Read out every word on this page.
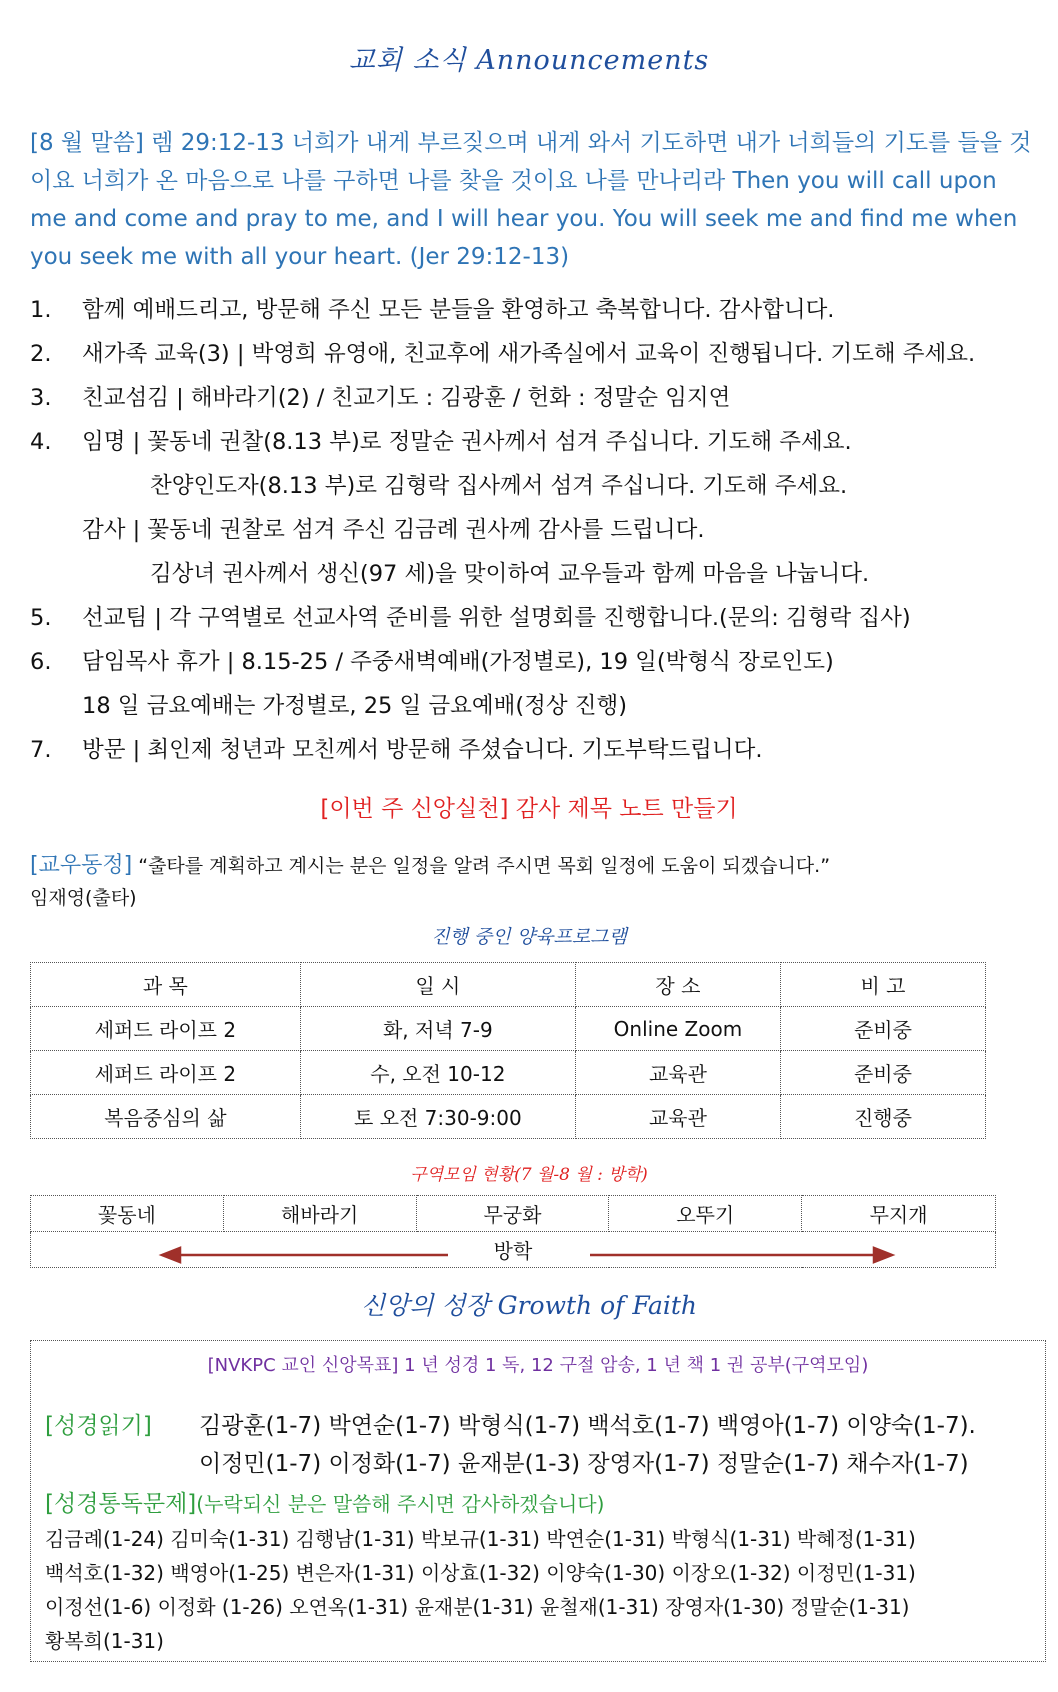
교회 소식 Announcements
[8 월 말씀] 렘 29:12-13 너희가 내게 부르짖으며 내게 와서 기도하면 내가 너희들의 기도를 들을 것이요 너희가 온 마음으로 나를 구하면 나를 찾을 것이요 나를 만나리라 Then you will call upon me and come and pray to me, and I will hear you. You will seek me and find me when you seek me with all your heart. (Jer 29:12-13)
1.	함께 예배드리고, 방문해 주신 모든 분들을 환영하고 축복합니다. 감사합니다.
2.	새가족 교육(3) | 박영희 유영애, 친교후에 새가족실에서 교육이 진행됩니다. 기도해 주세요.
3.	친교섬김 | 해바라기(2) / 친교기도 : 김광훈 / 헌화 : 정말순 임지연
4.	임명 | 꽃동네 권찰(8.13 부)로 정말순 권사께서 섬겨 주십니다. 기도해 주세요.
찬양인도자(8.13 부)로 김형락 집사께서 섬겨 주십니다. 기도해 주세요.
감사 | 꽃동네 권찰로 섬겨 주신 김금례 권사께 감사를 드립니다.
김상녀 권사께서 생신(97 세)을 맞이하여 교우들과 함께 마음을 나눕니다.
5.	선교팀 | 각 구역별로 선교사역 준비를 위한 설명회를 진행합니다.(문의: 김형락 집사)
6.	담임목사 휴가 | 8.15-25 / 주중새벽예배(가정별로), 19 일(박형식 장로인도)
18 일 금요예배는 가정별로, 25 일 금요예배(정상 진행)
7.	방문 | 최인제 청년과 모친께서 방문해 주셨습니다. 기도부탁드립니다.
[이번 주 신앙실천] 감사 제목 노트 만들기
[교우동정] “출타를 계획하고 계시는 분은 일정을 알려 주시면 목회 일정에 도움이 되겠습니다.”
임재영(출타)
진행 중인 양육프로그램
과 목	일 시	장 소	비 고
세퍼드 라이프 2	화, 저녁 7-9	Online Zoom	준비중
세퍼드 라이프 2	수, 오전 10-12	교육관	준비중
복음중심의 삶	토 오전 7:30-9:00	교육관	진행중
구역모임 현황(7 월-8 월 : 방학)
꽃동네	해바라기	무궁화	오뚜기	무지개
방학
신앙의 성장 Growth of Faith
[NVKPC 교인 신앙목표] 1 년 성경 1 독, 12 구절 암송, 1 년 책 1 권 공부(구역모임)
[성경읽기]	김광훈(1-7) 박연순(1-7) 박형식(1-7) 백석호(1-7) 백영아(1-7) 이양숙(1-7).
이정민(1-7) 이정화(1-7) 윤재분(1-3) 장영자(1-7) 정말순(1-7) 채수자(1-7)
[성경통독문제](누락되신 분은 말씀해 주시면 감사하겠습니다)
김금례(1-24) 김미숙(1-31) 김행남(1-31) 박보규(1-31) 박연순(1-31) 박형식(1-31) 박혜정(1-31)
백석호(1-32) 백영아(1-25) 변은자(1-31) 이상효(1-32) 이양숙(1-30) 이장오(1-32) 이정민(1-31)
이정선(1-6) 이정화 (1-26) 오연옥(1-31) 윤재분(1-31) 윤철재(1-31) 장영자(1-30) 정말순(1-31)
황복희(1-31)
